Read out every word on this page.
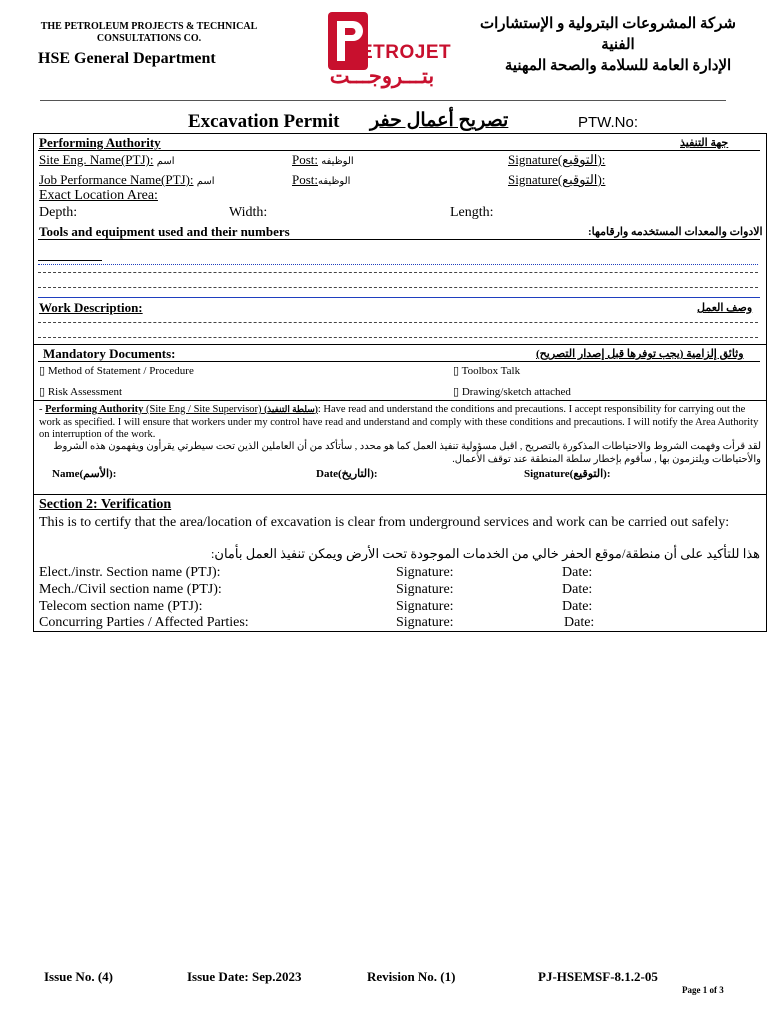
THE PETROLEUM PROJECTS & TECHNICAL
CONSULTATIONS CO.
HSE General Department	ETROJET
بتـــروجـــت
شركة المشروعات البترولية و الإستشارات
الفنية
الإدارة العامة للسلامة والصحة المهنية
Excavation Permit تصريح أعمال حفر	PTW.No:
Performing Authority	جهة التنفيذ
Site Eng. Name(PTJ): اسم	Post: الوظيفه	Signature(التوقيع):
Job Performance Name(PTJ): اسم	Post:الوظيفه	Signature(التوقيع):
Exact Location Area:
Depth:	Width:	Length:
Tools and equipment used and their numbers	الادوات والمعدات المستخدمه وارقامها:
Work Description:	وصف العمل
Mandatory Documents:	وثائق إلزامية (يجب توفرها قبل إصدار التصريح)
▯ Method of Statement / Procedure	▯ Toolbox Talk
▯ Risk Assessment	▯ Drawing/sketch attached
- Performing Authority (Site Eng / Site Supervisor) (سلطة التنفيذ): Have read and understand the conditions and precautions. I accept responsibility for carrying out the work as specified. I will ensure that workers under my control have read and understand and comply with these conditions and precautions. I will notify the Area Authority on interruption of the work.
لقد قرأت وفهمت الشروط والاحتياطات المذكورة بالتصريح , اقبل مسؤولية تنفيذ العمل كما هو محدد , سأتأكد من أن العاملين الذين تحت سيطرتي يقرأون ويفهمون هذه الشروط والأحتياطات ويلتزمون بها , سأقوم بإخطار سلطة المنطقة عند توقف الأعمال.
Name(الأسم):	Date(التاريخ):	Signature(التوقيع):
Section 2: Verification
This is to certify that the area/location of excavation is clear from underground services and work can be carried out safely:
هذا للتأكيد على أن منطقة/موقع الحفر خالي من الخدمات الموجودة تحت الأرض ويمكن تنفيذ العمل بأمان:
Elect./instr. Section name (PTJ):	Signature:	Date:
Mech./Civil section name (PTJ):	Signature:	Date:
Telecom section name (PTJ):	Signature:	Date:
Concurring Parties / Affected Parties:	Signature:	Date:
Issue No. (4)	Issue Date: Sep.2023	Revision No. (1)	PJ-HSEMSF-8.1.2-05
Page 1 of 3
